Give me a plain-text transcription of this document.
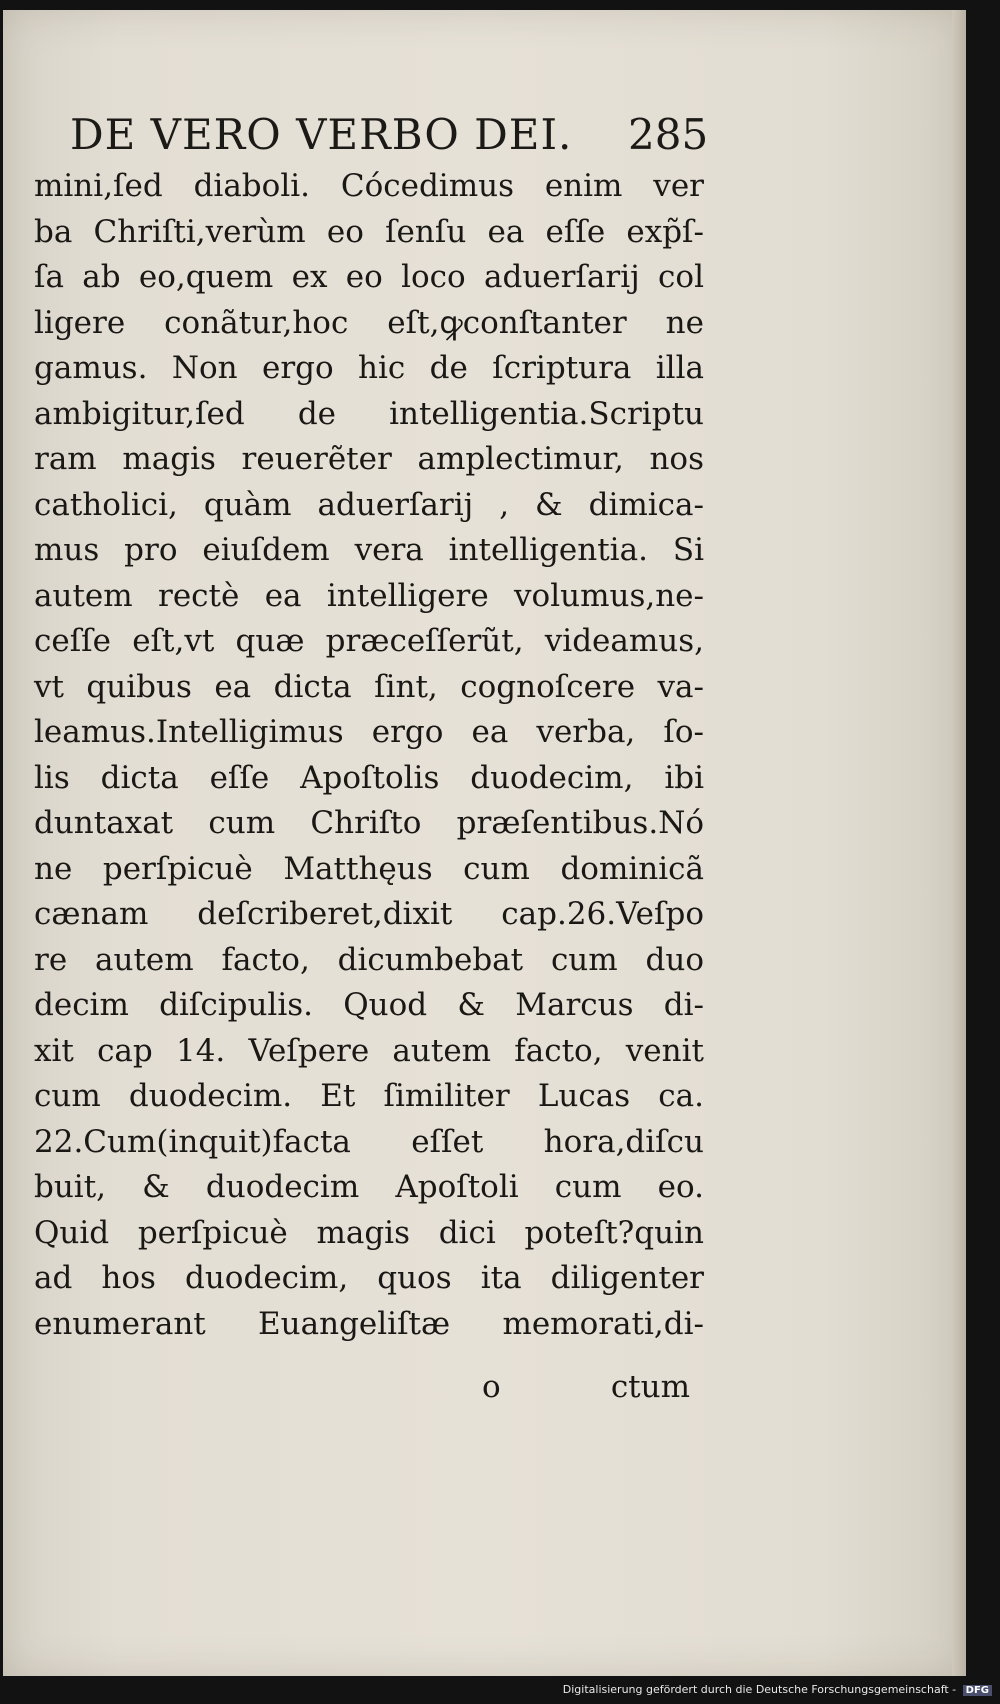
DE VERO VERBO DEI. 285
mini,ſed diaboli. Cócedimus enim ver
ba Chriſti,verùm eo ſenſu ea eſſe exp̃ſ-
ſa ab eo,quem ex eo loco aduerſarij col
ligere conãtur,hoc eſt,ꝙconſtanter ne
gamus. Non ergo hic de ſcriptura illa
ambigitur,ſed de intelligentia.Scriptu
ram magis reuerẽter amplectimur, nos
catholici, quàm aduerſarij , & dimica-
mus pro eiuſdem vera intelligentia. Si
autem rectè ea intelligere volumus,ne-
ceſſe eſt,vt quæ præceſſerũt, videamus,
vt quibus ea dicta ſint, cognoſcere va-
leamus.Intelligimus ergo ea verba, ſo-
lis dicta eſſe Apoſtolis duodecim, ibi
duntaxat cum Chriſto præſentibus.Nó
ne perſpicuè Matthęus cum dominicã
cænam deſcriberet,dixit cap.26.Veſpo
re autem facto, dicumbebat cum duo
decim diſcipulis. Quod & Marcus di-
xit cap 14. Veſpere autem facto, venit
cum duodecim. Et ſimiliter Lucas ca.
22.Cum(inquit)facta eſſet hora,diſcu
buit, & duodecim Apoſtoli cum eo.
Quid perſpicuè magis dici poteſt?quin
ad hos duodecim, quos ita diligenter
enumerant Euangeliſtæ memorati,di-
o	ctum
Digitalisierung gefördert durch die Deutsche Forschungsgemeinschaft - DFG
